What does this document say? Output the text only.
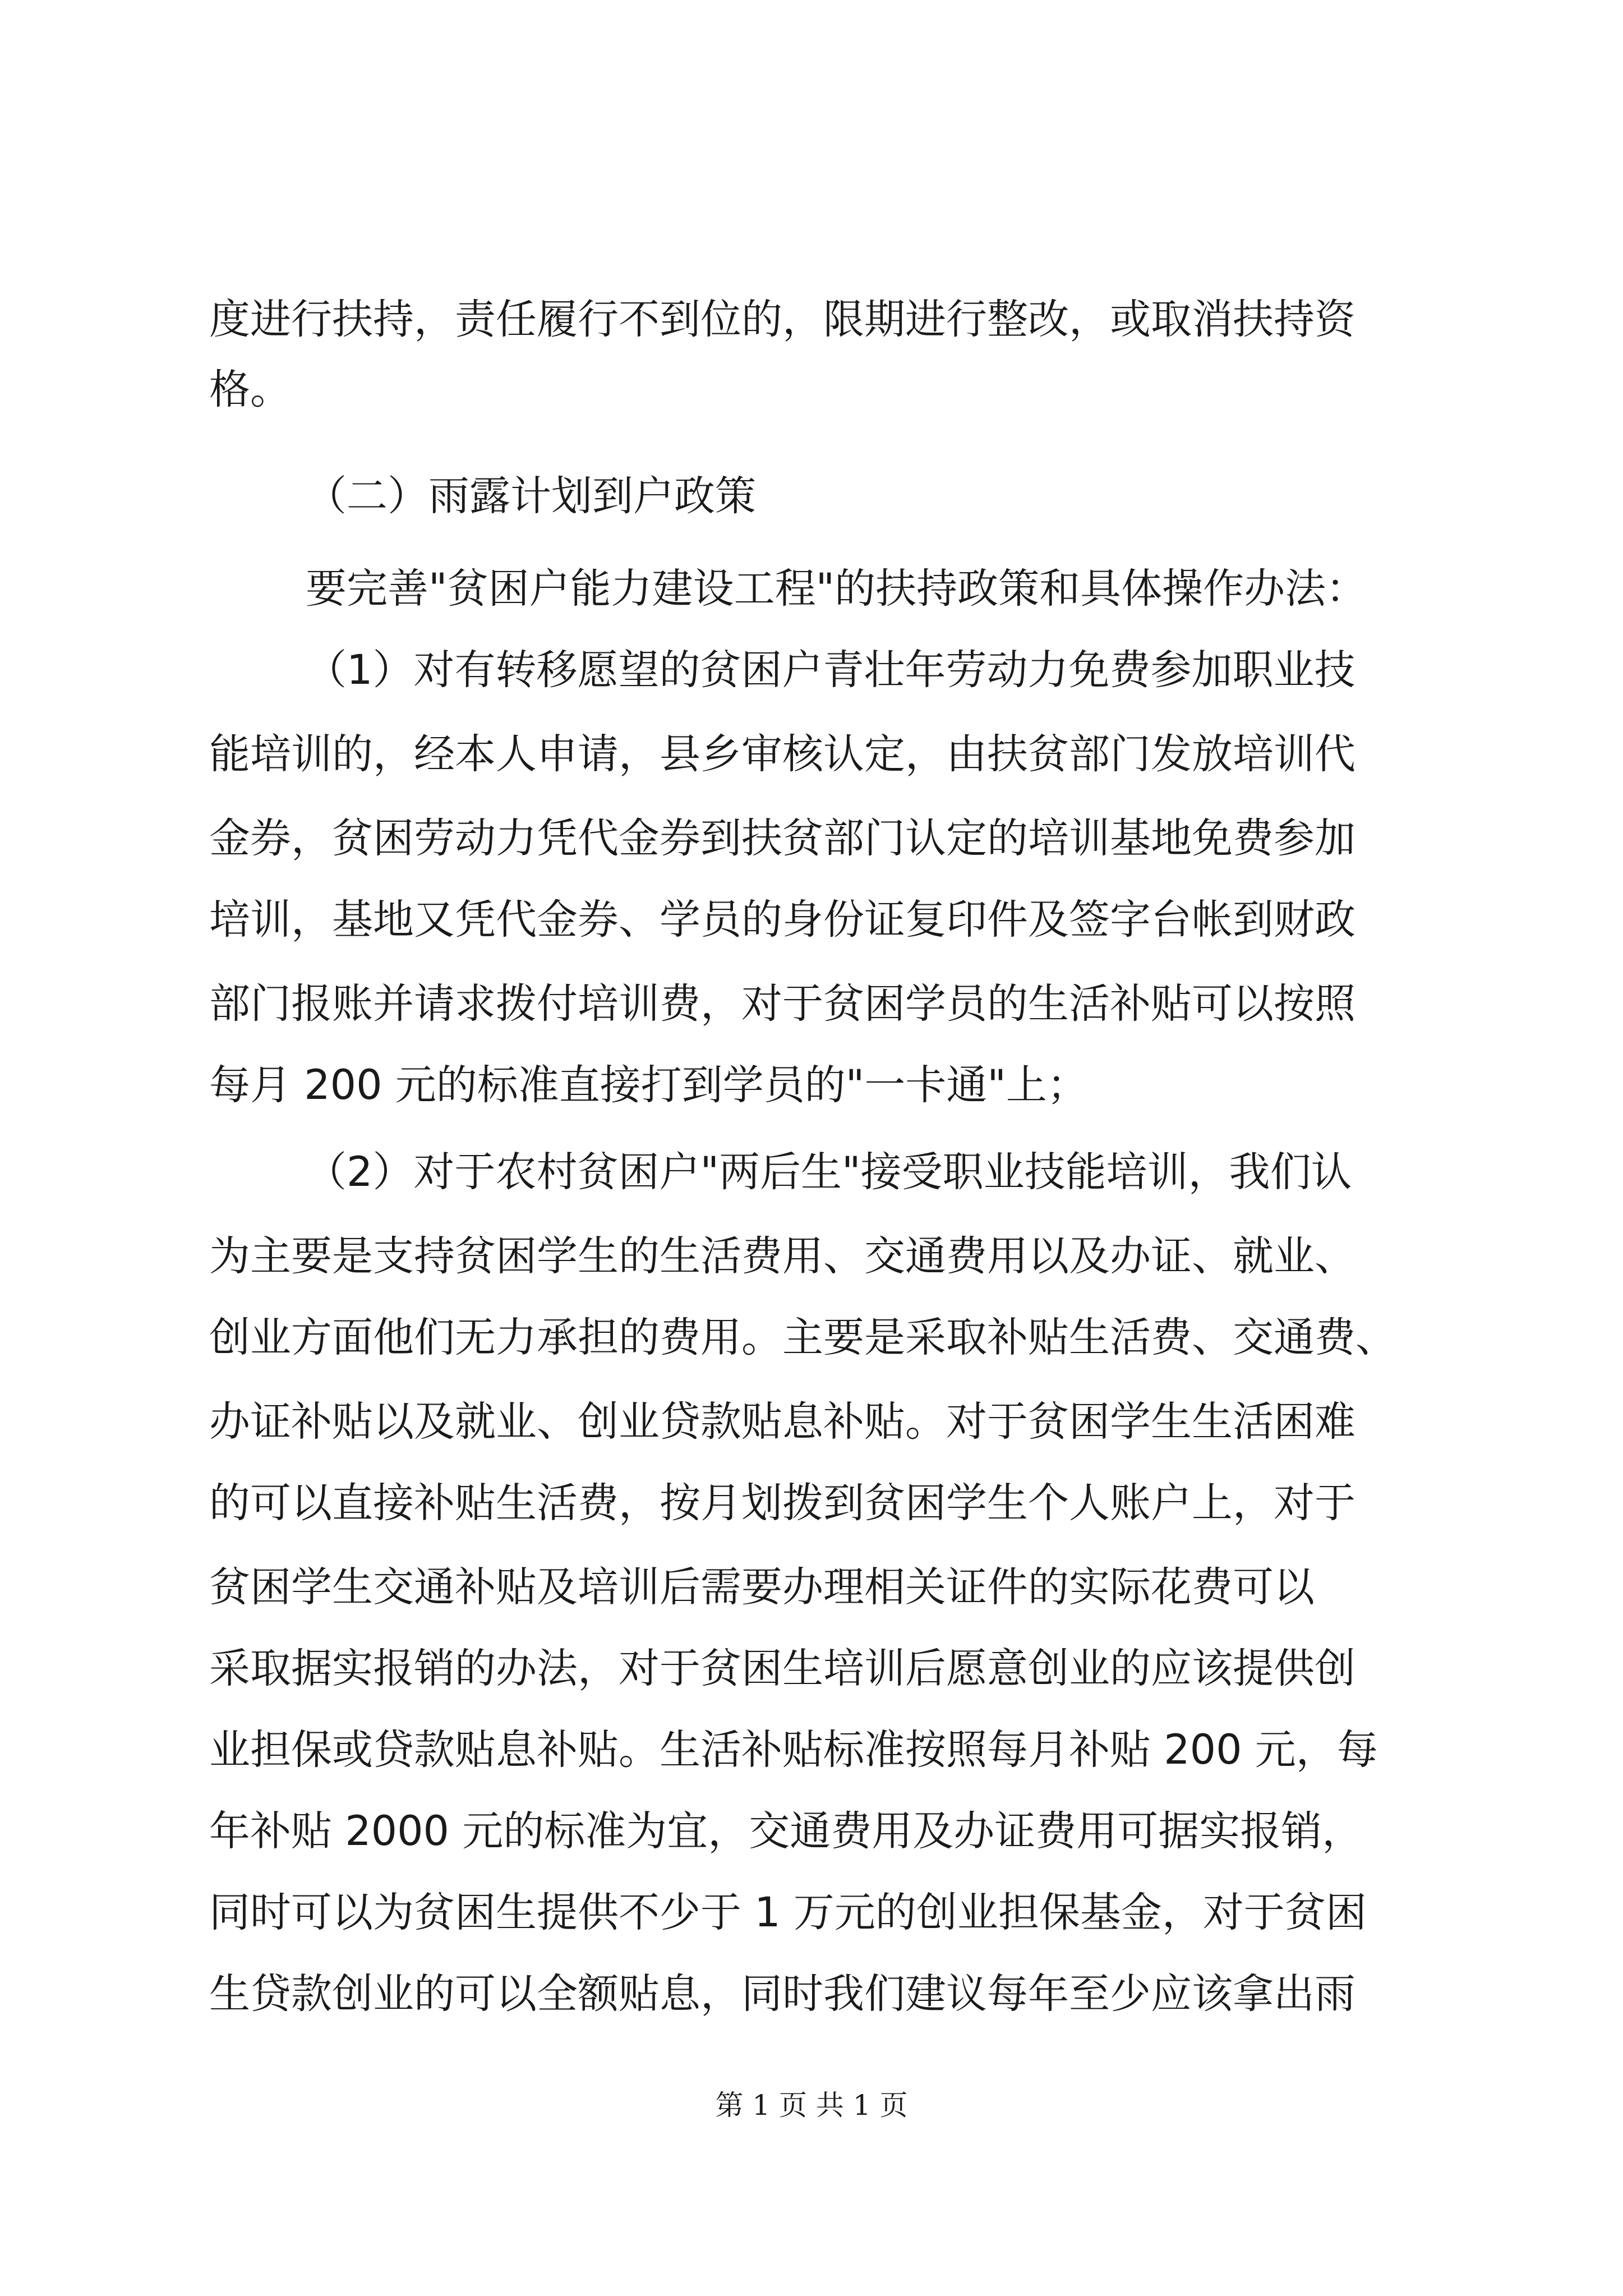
度进行扶持，责任履行不到位的，限期进行整改，或取消扶持资
格。
（二）雨露计划到户政策
要完善"贫困户能力建设工程"的扶持政策和具体操作办法：
（1）对有转移愿望的贫困户青壮年劳动力免费参加职业技
能培训的，经本人申请，县乡审核认定，由扶贫部门发放培训代
金券，贫困劳动力凭代金券到扶贫部门认定的培训基地免费参加
培训，基地又凭代金券、学员的身份证复印件及签字台帐到财政
部门报账并请求拨付培训费，对于贫困学员的生活补贴可以按照
每月 200 元的标准直接打到学员的"一卡通"上；
（2）对于农村贫困户"两后生"接受职业技能培训，我们认
为主要是支持贫困学生的生活费用、交通费用以及办证、就业、
创业方面他们无力承担的费用。主要是采取补贴生活费、交通费、
办证补贴以及就业、创业贷款贴息补贴。对于贫困学生生活困难
的可以直接补贴生活费，按月划拨到贫困学生个人账户上，对于
贫困学生交通补贴及培训后需要办理相关证件的实际花费可以
采取据实报销的办法，对于贫困生培训后愿意创业的应该提供创
业担保或贷款贴息补贴。生活补贴标准按照每月补贴 200 元，每
年补贴 2000 元的标准为宜，交通费用及办证费用可据实报销，
同时可以为贫困生提供不少于 1 万元的创业担保基金，对于贫困
生贷款创业的可以全额贴息，同时我们建议每年至少应该拿出雨
第 1 页 共 1 页
